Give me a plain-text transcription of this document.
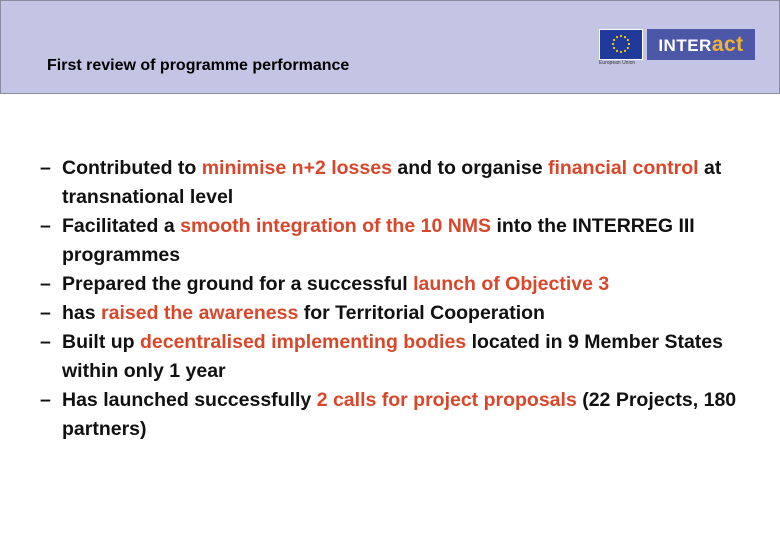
First review of programme performance	European Union
INTERact
– Contributed to minimise n+2 losses and to organise financial control at transnational level
– Facilitated a smooth integration of the 10 NMS into the INTERREG III programmes
– Prepared the ground for a successful launch of Objective 3
– has raised the awareness for Territorial Cooperation
– Built up decentralised implementing bodies located in 9 Member States within only 1 year
– Has launched successfully 2 calls for project proposals (22 Projects, 180 partners)
